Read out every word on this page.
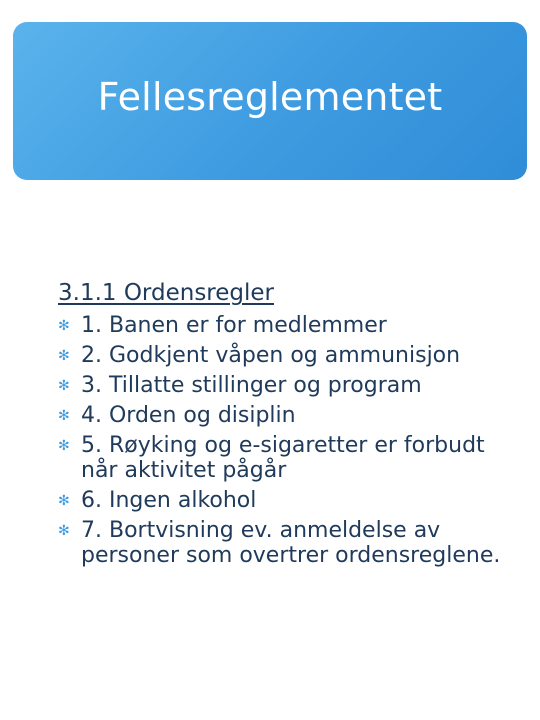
Fellesreglementet
3.1.1 Ordensregler
✻ 1. Banen er for medlemmer
✻ 2. Godkjent våpen og ammunisjon
✻ 3. Tillatte stillinger og program
✻ 4. Orden og disiplin
✻ 5. Røyking og e-sigaretter er forbudt når aktivitet pågår
✻ 6. Ingen alkohol
✻ 7. Bortvisning ev. anmeldelse av personer som overtrer ordensreglene.
